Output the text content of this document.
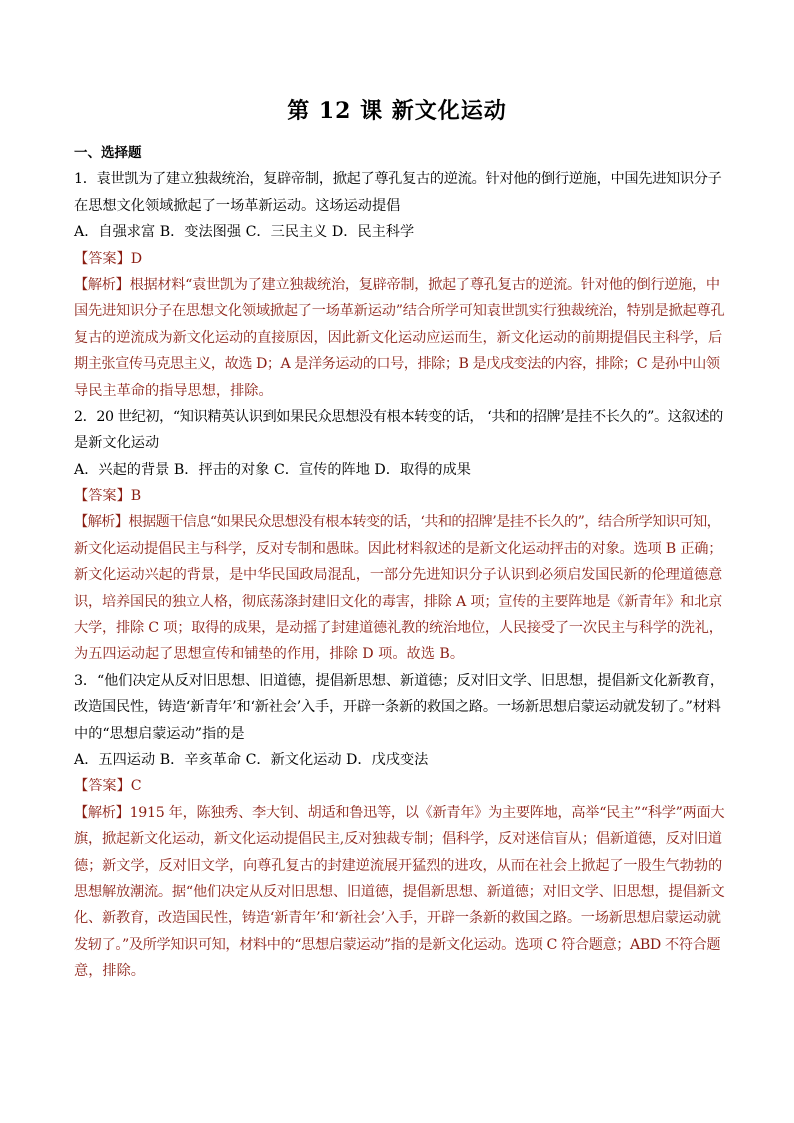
第 12 课 新文化运动
一、选择题
1．袁世凯为了建立独裁统治，复辟帝制，掀起了尊孔复古的逆流。针对他的倒行逆施，中国先进知识分子
在思想文化领域掀起了一场革新运动。这场运动提倡
A．自强求富 B．变法图强 C．三民主义 D．民主科学
【答案】D
【解析】根据材料“袁世凯为了建立独裁统治，复辟帝制，掀起了尊孔复古的逆流。针对他的倒行逆施，中
国先进知识分子在思想文化领域掀起了一场革新运动”结合所学可知袁世凯实行独裁统治，特别是掀起尊孔
复古的逆流成为新文化运动的直接原因，因此新文化运动应运而生，新文化运动的前期提倡民主科学，后
期主张宣传马克思主义，故选 D；A 是洋务运动的口号，排除；B 是戊戌变法的内容，排除；C 是孙中山领
导民主革命的指导思想，排除。
2．20 世纪初，“知识精英认识到如果民众思想没有根本转变的话， ‘共和的招牌’是挂不长久的”。这叙述的
是新文化运动
A．兴起的背景 B．抨击的对象 C．宣传的阵地 D．取得的成果
【答案】B
【解析】根据题干信息“如果民众思想没有根本转变的话，‘共和的招牌’是挂不长久的”，结合所学知识可知，
新文化运动提倡民主与科学，反对专制和愚昧。因此材料叙述的是新文化运动抨击的对象。选项 B 正确；
新文化运动兴起的背景，是中华民国政局混乱，一部分先进知识分子认识到必须启发国民新的伦理道德意
识，培养国民的独立人格，彻底荡涤封建旧文化的毒害，排除 A 项；宣传的主要阵地是《新青年》和北京
大学，排除 C 项；取得的成果，是动摇了封建道德礼教的统治地位，人民接受了一次民主与科学的洗礼，
为五四运动起了思想宣传和铺垫的作用，排除 D 项。故选 B。
3．“他们决定从反对旧思想、旧道德，提倡新思想、新道德；反对旧文学、旧思想，提倡新文化新教育，
改造国民性，铸造‘新青年’和‘新社会’入手，开辟一条新的救国之路。一场新思想启蒙运动就发轫了。”材料
中的“思想启蒙运动”指的是
A．五四运动 B．辛亥革命 C．新文化运动 D．戊戌变法
【答案】C
【解析】1915 年，陈独秀、李大钊、胡适和鲁迅等，以《新青年》为主要阵地，高举“民主”“科学”两面大
旗，掀起新文化运动，新文化运动提倡民主,反对独裁专制；倡科学，反对迷信盲从；倡新道德，反对旧道
德；新文学，反对旧文学，向尊孔复古的封建逆流展开猛烈的进攻，从而在社会上掀起了一股生气勃勃的
思想解放潮流。据“他们决定从反对旧思想、旧道德，提倡新思想、新道德；对旧文学、旧思想，提倡新文
化、新教育，改造国民性，铸造‘新青年’和‘新社会’入手，开辟一条新的救国之路。一场新思想启蒙运动就
发轫了。”及所学知识可知，材料中的“思想启蒙运动”指的是新文化运动。选项 C 符合题意；ABD 不符合题
意，排除。
